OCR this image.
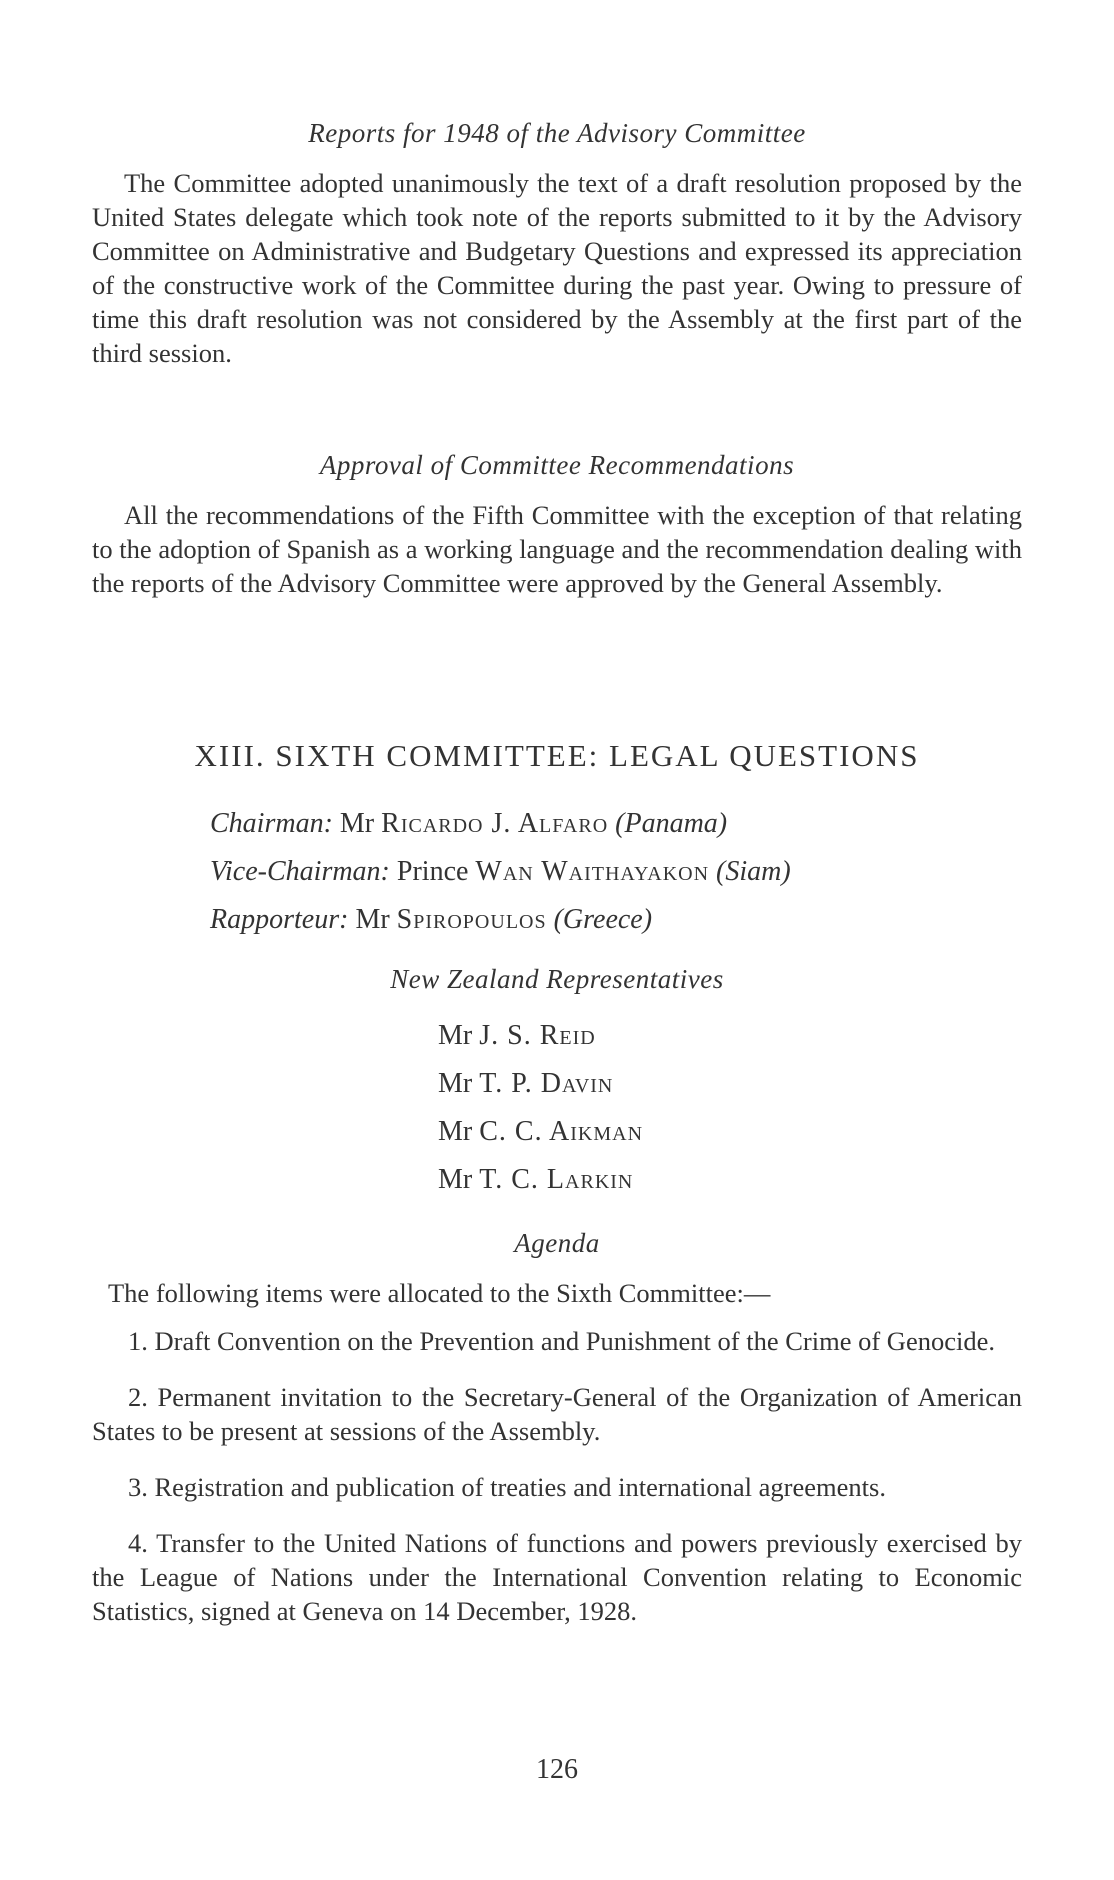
Reports for 1948 of the Advisory Committee

The Committee adopted unanimously the text of a draft resolution proposed by the United States delegate which took note of the reports submitted to it by the Advisory Committee on Administrative and Budgetary Questions and expressed its appreciation of the constructive work of the Committee during the past year. Owing to pressure of time this draft resolution was not considered by the Assembly at the first part of the third session.

Approval of Committee Recommendations

All the recommendations of the Fifth Committee with the exception of that relating to the adoption of Spanish as a working language and the recommendation dealing with the reports of the Advisory Committee were approved by the General Assembly.

XIII. SIXTH COMMITTEE: LEGAL QUESTIONS
Chairman: Mr Ricardo J. Alfaro (Panama)
Vice-Chairman: Prince Wan Waithayakon (Siam)
Rapporteur: Mr Spiropoulos (Greece)
New Zealand Representatives
Mr J. S. Reid
Mr T. P. Davin
Mr C. C. Aikman
Mr T. C. Larkin
Agenda

The following items were allocated to the Sixth Committee:—

1. Draft Convention on the Prevention and Punishment of the Crime of Genocide.

2. Permanent invitation to the Secretary-General of the Organization of American States to be present at sessions of the Assembly.

3. Registration and publication of treaties and international agreements.

4. Transfer to the United Nations of functions and powers previously exercised by the League of Nations under the International Convention relating to Economic Statistics, signed at Geneva on 14 December, 1928.

126
